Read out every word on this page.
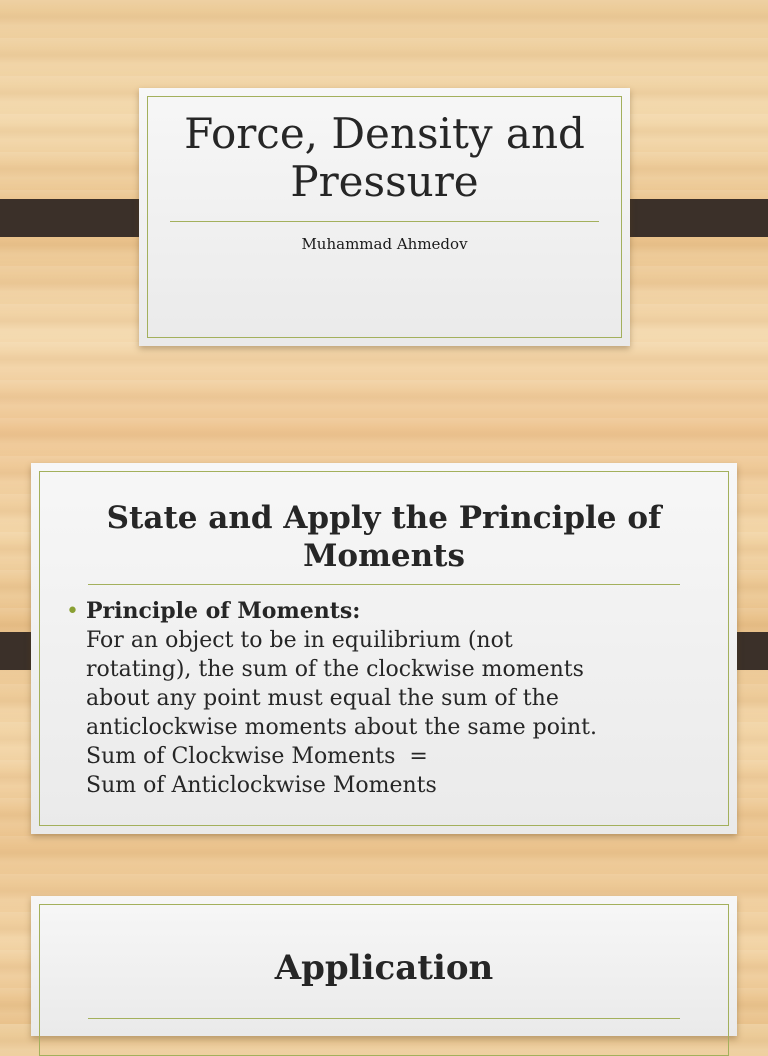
Force, Density and
Pressure
Muhammad Ahmedov
State and Apply the Principle of
Moments
• Principle of Moments:
For an object to be in equilibrium (not
rotating), the sum of the clockwise moments
about any point must equal the sum of the
anticlockwise moments about the same point.
Sum of Clockwise Moments  =
Sum of Anticlockwise Moments
Application
